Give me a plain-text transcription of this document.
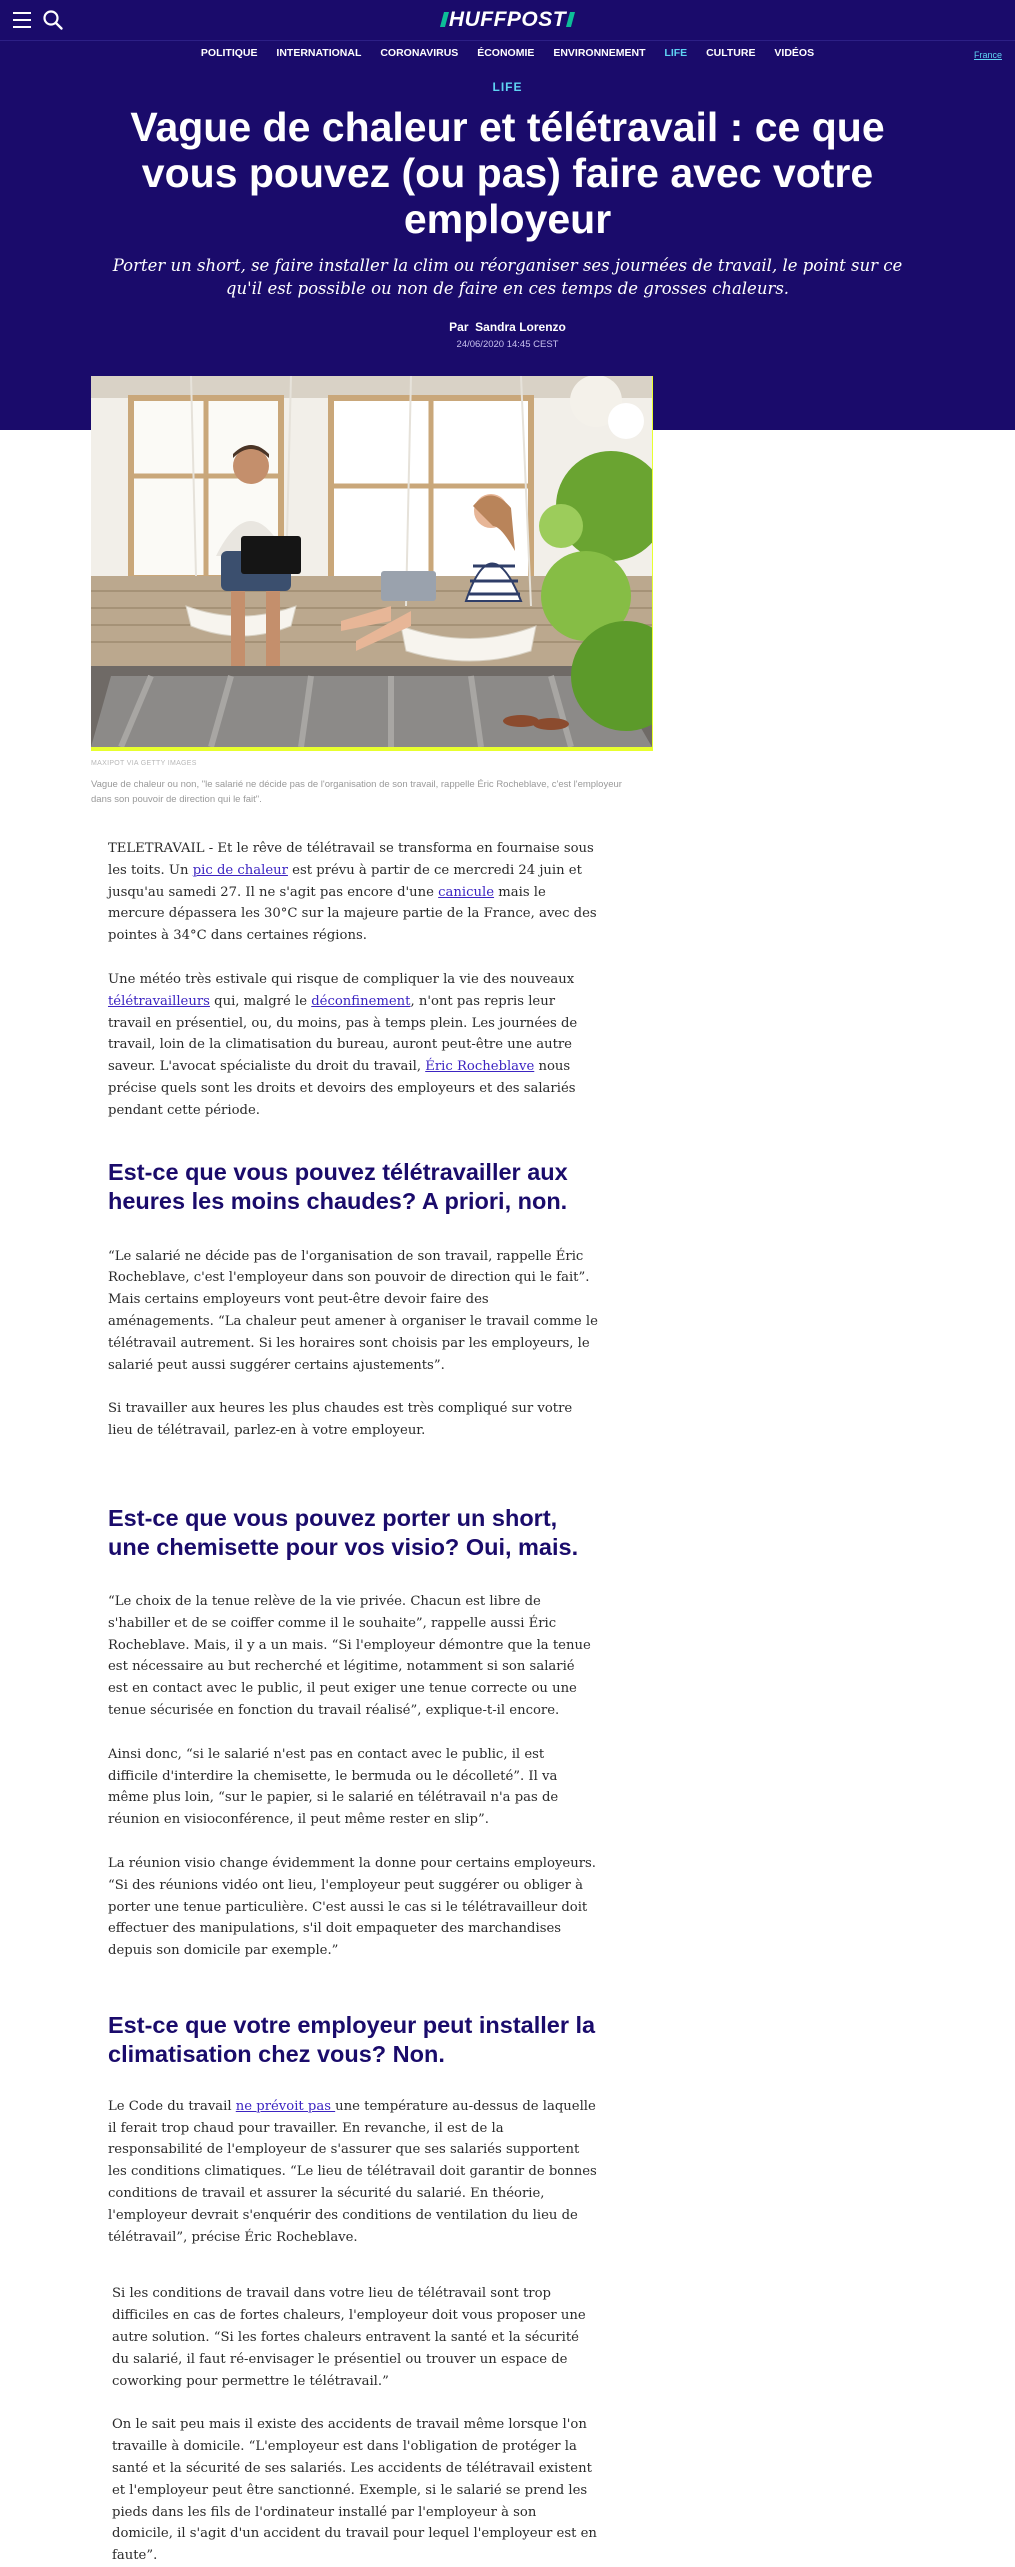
HUFFPOST
POLITIQUE INTERNATIONAL CORONAVIRUS ÉCONOMIE ENVIRONNEMENT LIFE CULTURE VIDÉOS	France
LIFE
Vague de chaleur et télétravail : ce que vous pouvez (ou pas) faire avec votre employeur

Porter un short, se faire installer la clim ou réorganiser ses journées de travail, le point sur ce qu'il est possible ou non de faire en ces temps de grosses chaleurs.

Par Sandra Lorenzo
24/06/2020 14:45 CEST
MAXIPOT VIA GETTY IMAGES
Vague de chaleur ou non, "le salarié ne décide pas de l'organisation de son travail, rappelle Éric Rocheblave, c'est l'employeur dans son pouvoir de direction qui le fait".

TELETRAVAIL - Et le rêve de télétravail se transforma en fournaise sous les toits. Un pic de chaleur est prévu à partir de ce mercredi 24 juin et jusqu'au samedi 27. Il ne s'agit pas encore d'une canicule mais le mercure dépassera les 30°C sur la majeure partie de la France, avec des pointes à 34°C dans certaines régions.

Une météo très estivale qui risque de compliquer la vie des nouveaux télétravailleurs qui, malgré le déconfinement, n'ont pas repris leur travail en présentiel, ou, du moins, pas à temps plein. Les journées de travail, loin de la climatisation du bureau, auront peut-être une autre saveur. L'avocat spécialiste du droit du travail, Éric Rocheblave nous précise quels sont les droits et devoirs des employeurs et des salariés pendant cette période.

Est-ce que vous pouvez télétravailler aux heures les moins chaudes? A priori, non.

“Le salarié ne décide pas de l'organisation de son travail, rappelle Éric Rocheblave, c'est l'employeur dans son pouvoir de direction qui le fait”. Mais certains employeurs vont peut-être devoir faire des aménagements. “La chaleur peut amener à organiser le travail comme le télétravail autrement. Si les horaires sont choisis par les employeurs, le salarié peut aussi suggérer certains ajustements”.

Si travailler aux heures les plus chaudes est très compliqué sur votre lieu de télétravail, parlez-en à votre employeur.

Est-ce que vous pouvez porter un short, une chemisette pour vos visio? Oui, mais.

“Le choix de la tenue relève de la vie privée. Chacun est libre de s'habiller et de se coiffer comme il le souhaite”, rappelle aussi Éric Rocheblave. Mais, il y a un mais. “Si l'employeur démontre que la tenue est nécessaire au but recherché et légitime, notamment si son salarié est en contact avec le public, il peut exiger une tenue correcte ou une tenue sécurisée en fonction du travail réalisé”, explique-t-il encore.

Ainsi donc, “si le salarié n'est pas en contact avec le public, il est difficile d'interdire la chemisette, le bermuda ou le décolleté”. Il va même plus loin, “sur le papier, si le salarié en télétravail n'a pas de réunion en visioconférence, il peut même rester en slip”.

La réunion visio change évidemment la donne pour certains employeurs. “Si des réunions vidéo ont lieu, l'employeur peut suggérer ou obliger à porter une tenue particulière. C'est aussi le cas si le télétravailleur doit effectuer des manipulations, s'il doit empaqueter des marchandises depuis son domicile par exemple.”

Est-ce que votre employeur peut installer la climatisation chez vous? Non.

Le Code du travail ne prévoit pas une température au-dessus de laquelle il ferait trop chaud pour travailler. En revanche, il est de la responsabilité de l'employeur de s'assurer que ses salariés supportent les conditions climatiques. “Le lieu de télétravail doit garantir de bonnes conditions de travail et assurer la sécurité du salarié. En théorie, l'employeur devrait s'enquérir des conditions de ventilation du lieu de télétravail”, précise Éric Rocheblave.

Si les conditions de travail dans votre lieu de télétravail sont trop difficiles en cas de fortes chaleurs, l'employeur doit vous proposer une autre solution. “Si les fortes chaleurs entravent la santé et la sécurité du salarié, il faut ré-envisager le présentiel ou trouver un espace de coworking pour permettre le télétravail.”

On le sait peu mais il existe des accidents de travail même lorsque l'on travaille à domicile. “L'employeur est dans l'obligation de protéger la santé et la sécurité de ses salariés. Les accidents de télétravail existent et l'employeur peut être sanctionné. Exemple, si le salarié se prend les pieds dans les fils de l'ordinateur installé par l'employeur à son domicile, il s'agit d'un accident du travail pour lequel l'employeur est en faute”.
